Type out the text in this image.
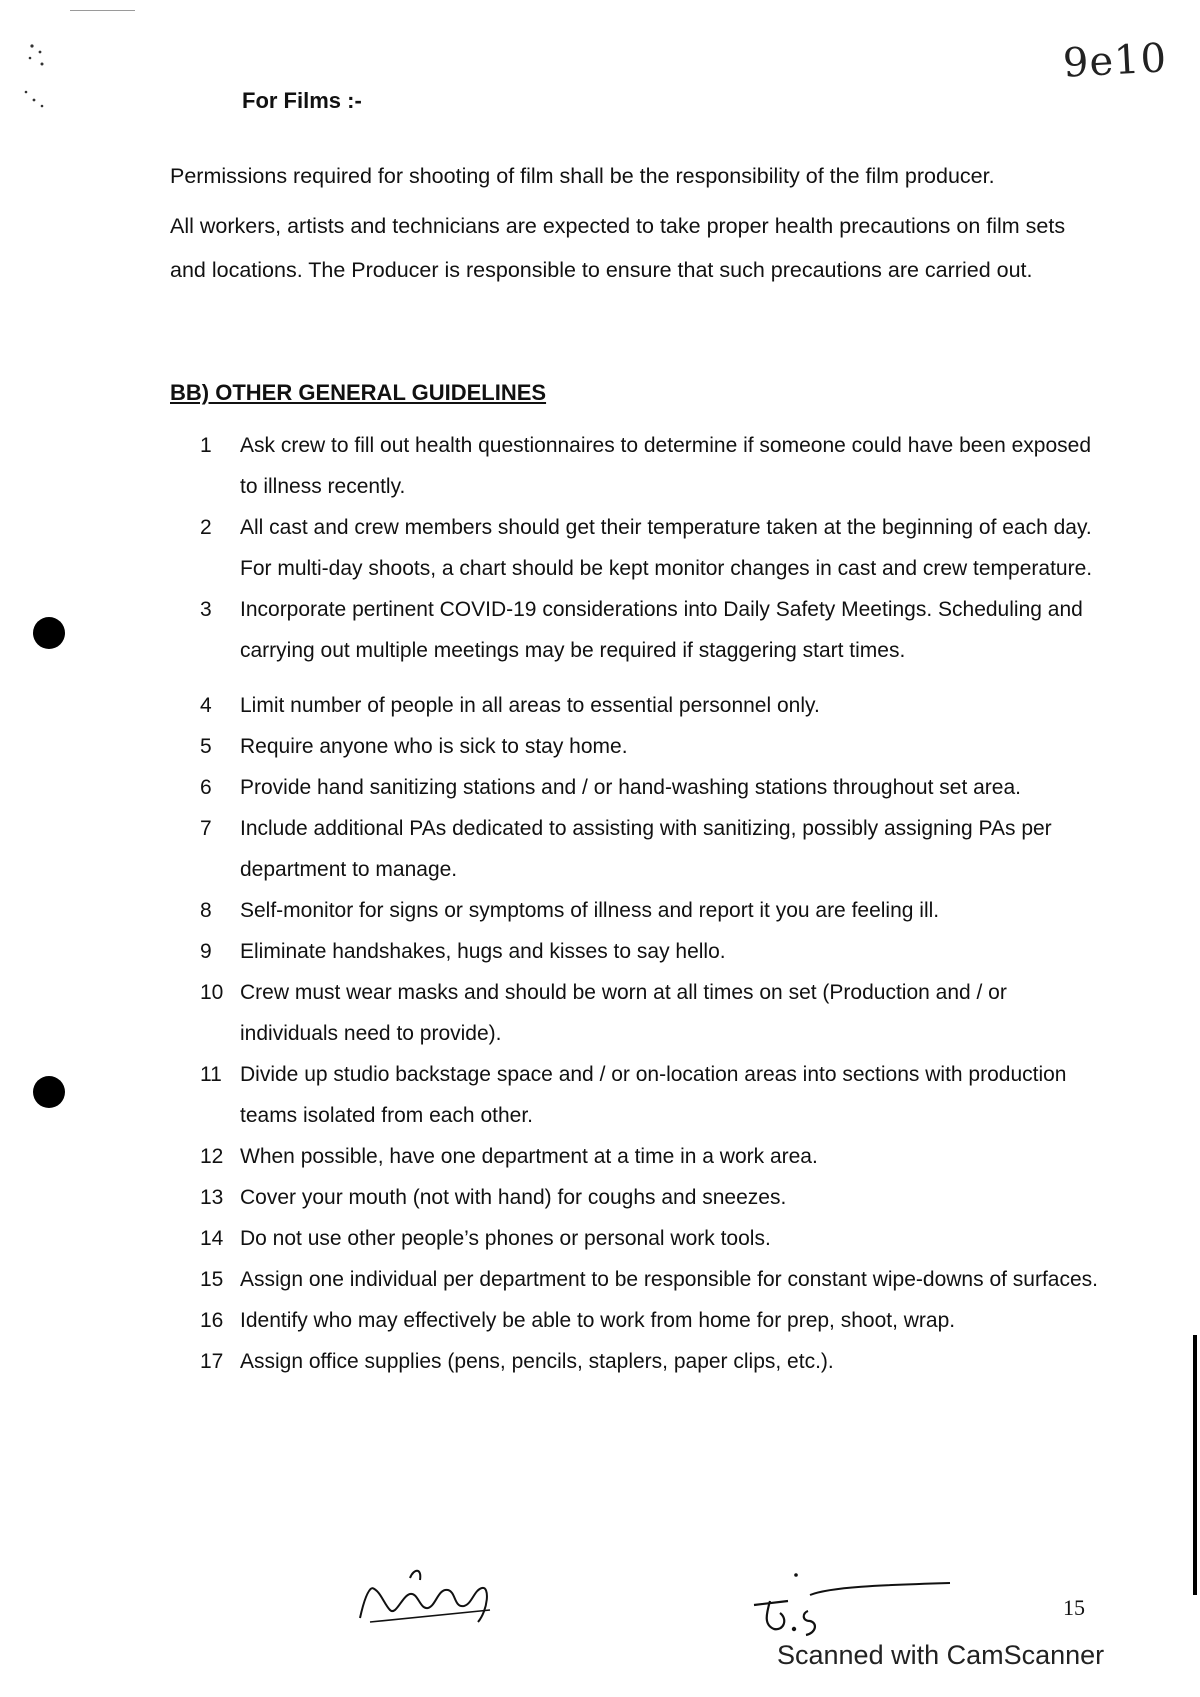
9e10
For Films :-

Permissions required for shooting of film shall be the responsibility of the film producer.

All workers, artists and technicians are expected to take proper health precautions on film sets and locations. The Producer is responsible to ensure that such precautions are carried out.

BB) OTHER GENERAL GUIDELINES
1	Ask crew to fill out health questionnaires to determine if someone could have been exposed to illness recently.
2	All cast and crew members should get their temperature taken at the beginning of each day. For multi-day shoots, a chart should be kept monitor changes in cast and crew temperature.
3	Incorporate pertinent COVID-19 considerations into Daily Safety Meetings. Scheduling and carrying out multiple meetings may be required if staggering start times.
4	Limit number of people in all areas to essential personnel only.
5	Require anyone who is sick to stay home.
6	Provide hand sanitizing stations and / or hand-washing stations throughout set area.
7	Include additional PAs dedicated to assisting with sanitizing, possibly assigning PAs per department to manage.
8	Self-monitor for signs or symptoms of illness and report it you are feeling ill.
9	Eliminate handshakes, hugs and kisses to say hello.
10 Crew must wear masks and should be worn at all times on set (Production and / or individuals need to provide).
11 Divide up studio backstage space and / or on-location areas into sections with production teams isolated from each other.
12 When possible, have one department at a time in a work area.
13 Cover your mouth (not with hand) for coughs and sneezes.
14 Do not use other people’s phones or personal work tools.
15 Assign one individual per department to be responsible for constant wipe-downs of surfaces.
16 Identify who may effectively be able to work from home for prep, shoot, wrap.
17 Assign office supplies (pens, pencils, staplers, paper clips, etc.).
15
Scanned with CamScanner
